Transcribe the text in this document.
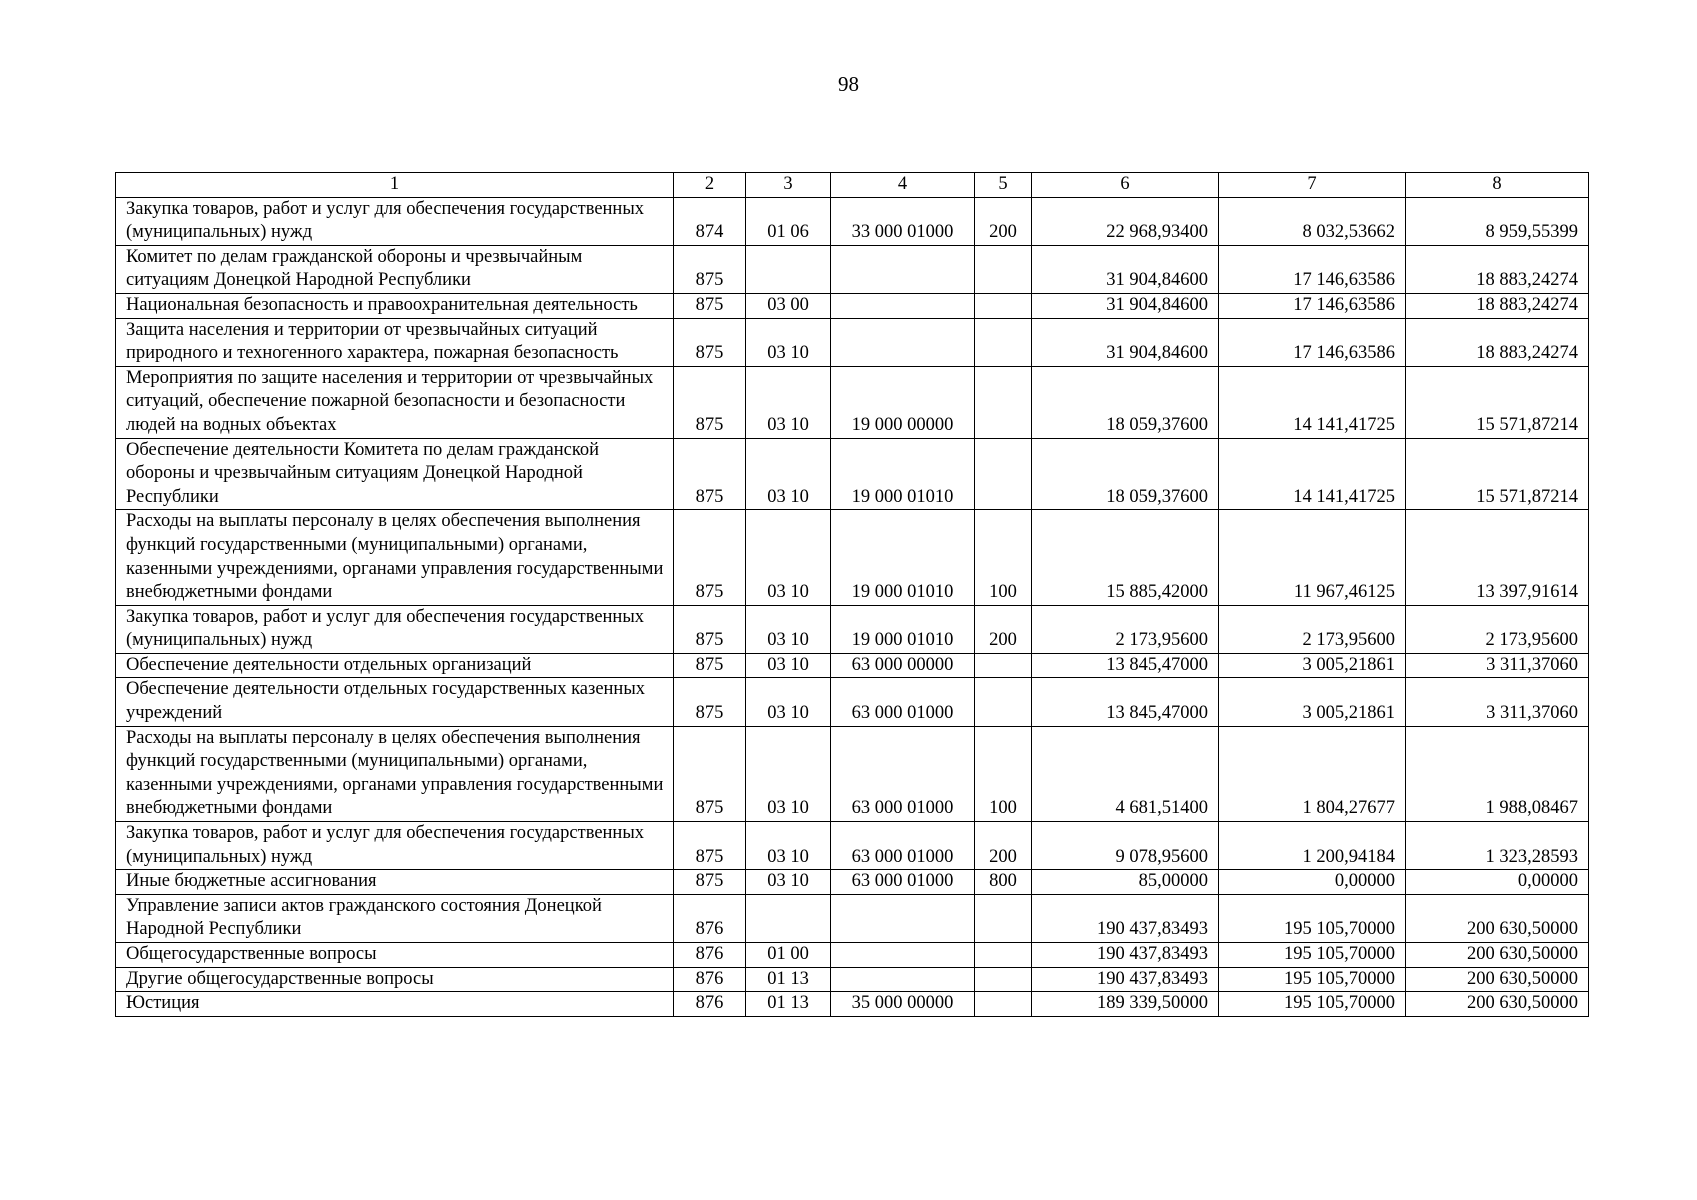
98
1	2	3	4	5	6	7	8
Закупка товаров, работ и услуг для обеспечения государственных (муниципальных) нужд	874	01 06	33 000 01000	200	22 968,93400	8 032,53662	8 959,55399
Комитет по делам гражданской обороны и чрезвычайным ситуациям Донецкой Народной Республики	875				31 904,84600	17 146,63586	18 883,24274
Национальная безопасность и правоохранительная деятельность	875	03 00			31 904,84600	17 146,63586	18 883,24274
Защита населения и территории от чрезвычайных ситуаций природного и техногенного характера, пожарная безопасность	875	03 10			31 904,84600	17 146,63586	18 883,24274
Мероприятия по защите населения и территории от чрезвычайных ситуаций, обеспечение пожарной безопасности и безопасности людей на водных объектах	875	03 10	19 000 00000		18 059,37600	14 141,41725	15 571,87214
Обеспечение деятельности Комитета по делам гражданской обороны и чрезвычайным ситуациям Донецкой Народной Республики	875	03 10	19 000 01010		18 059,37600	14 141,41725	15 571,87214
Расходы на выплаты персоналу в целях обеспечения выполнения функций государственными (муниципальными) органами, казенными учреждениями, органами управления государственными внебюджетными фондами	875	03 10	19 000 01010	100	15 885,42000	11 967,46125	13 397,91614
Закупка товаров, работ и услуг для обеспечения государственных (муниципальных) нужд	875	03 10	19 000 01010	200	2 173,95600	2 173,95600	2 173,95600
Обеспечение деятельности отдельных организаций	875	03 10	63 000 00000		13 845,47000	3 005,21861	3 311,37060
Обеспечение деятельности отдельных государственных казенных учреждений	875	03 10	63 000 01000		13 845,47000	3 005,21861	3 311,37060
Расходы на выплаты персоналу в целях обеспечения выполнения функций государственными (муниципальными) органами, казенными учреждениями, органами управления государственными внебюджетными фондами	875	03 10	63 000 01000	100	4 681,51400	1 804,27677	1 988,08467
Закупка товаров, работ и услуг для обеспечения государственных (муниципальных) нужд	875	03 10	63 000 01000	200	9 078,95600	1 200,94184	1 323,28593
Иные бюджетные ассигнования	875	03 10	63 000 01000	800	85,00000	0,00000	0,00000
Управление записи актов гражданского состояния Донецкой Народной Республики	876				190 437,83493	195 105,70000	200 630,50000
Общегосударственные вопросы	876	01 00			190 437,83493	195 105,70000	200 630,50000
Другие общегосударственные вопросы	876	01 13			190 437,83493	195 105,70000	200 630,50000
Юстиция	876	01 13	35 000 00000		189 339,50000	195 105,70000	200 630,50000
